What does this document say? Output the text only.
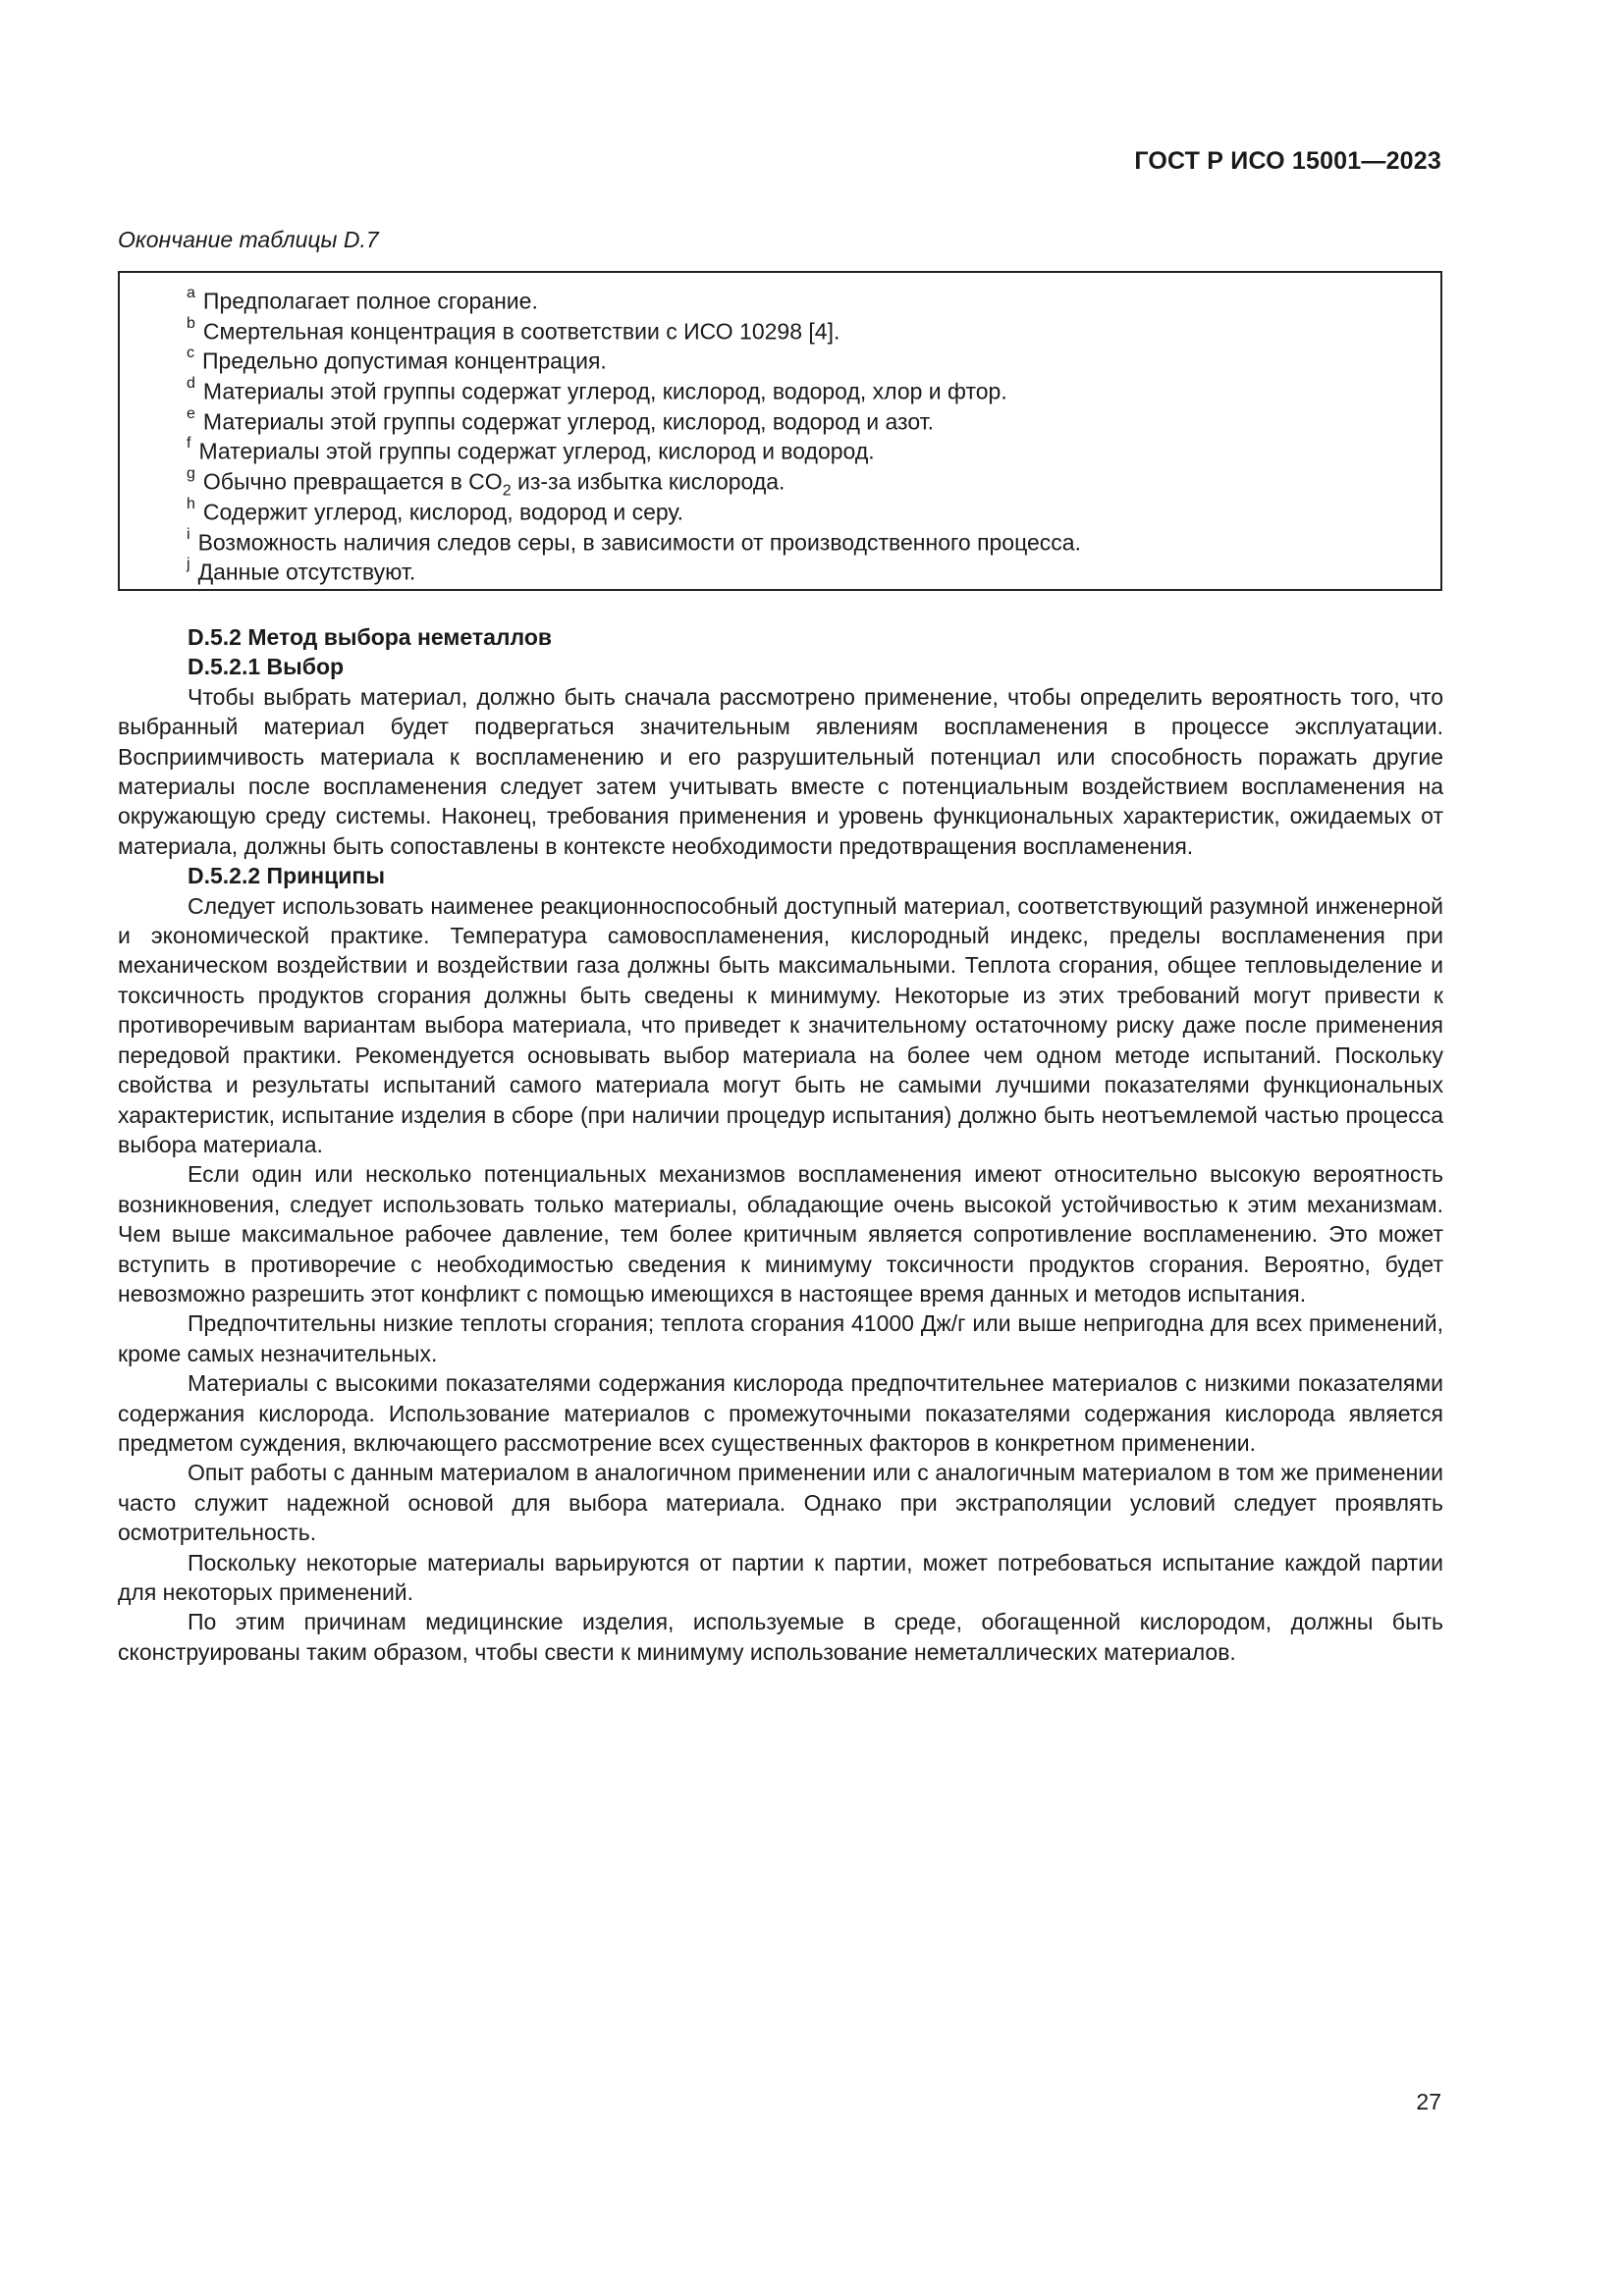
ГОСТ Р ИСО 15001—2023
Окончание таблицы D.7
$^a$ Предполагает полное сгорание.
$^b$ Смертельная концентрация в соответствии с ИСО 10298 [4].
$^c$ Предельно допустимая концентрация.
$^d$ Материалы этой группы содержат углерод, кислород, водород, хлор и фтор.
$^e$ Материалы этой группы содержат углерод, кислород, водород и азот.
$^f$ Материалы этой группы содержат углерод, кислород и водород.
$^g$ Обычно превращается в $CO_2$ из-за избытка кислорода.
$^h$ Содержит углерод, кислород, водород и серу.
$^i$ Возможность наличия следов серы, в зависимости от производственного процесса.
$^j$ Данные отсутствуют.

D.5.2 Метод выбора неметаллов

D.5.2.1 Выбор

Чтобы выбрать материал, должно быть сначала рассмотрено применение, чтобы определить вероятность того, что выбранный материал будет подвергаться значительным явлениям воспламенения в процессе эксплуатации. Восприимчивость материала к воспламенению и его разрушительный потенциал или способность поражать другие материалы после воспламенения следует затем учитывать вместе с потенциальным воздействием воспламенения на окружающую среду системы. Наконец, требования применения и уровень функциональных характеристик, ожидаемых от материала, должны быть сопоставлены в контексте необходимости предотвращения воспламенения.

D.5.2.2 Принципы

Следует использовать наименее реакционноспособный доступный материал, соответствующий разумной инженерной и экономической практике. Температура самовоспламенения, кислородный индекс, пределы воспламенения при механическом воздействии и воздействии газа должны быть максимальными. Теплота сгорания, общее тепловыделение и токсичность продуктов сгорания должны быть сведены к минимуму. Некоторые из этих требований могут привести к противоречивым вариантам выбора материала, что приведет к значительному остаточному риску даже после применения передовой практики. Рекомендуется основывать выбор материала на более чем одном методе испытаний. Поскольку свойства и результаты испытаний самого материала могут быть не самыми лучшими показателями функциональных характеристик, испытание изделия в сборе (при наличии процедур испытания) должно быть неотъемлемой частью процесса выбора материала.

Если один или несколько потенциальных механизмов воспламенения имеют относительно высокую вероятность возникновения, следует использовать только материалы, обладающие очень высокой устойчивостью к этим механизмам. Чем выше максимальное рабочее давление, тем более критичным является сопротивление воспламенению. Это может вступить в противоречие с необходимостью сведения к минимуму токсичности продуктов сгорания. Вероятно, будет невозможно разрешить этот конфликт с помощью имеющихся в настоящее время данных и методов испытания.

Предпочтительны низкие теплоты сгорания; теплота сгорания 41000 Дж/г или выше непригодна для всех применений, кроме самых незначительных.

Материалы с высокими показателями содержания кислорода предпочтительнее материалов с низкими показателями содержания кислорода. Использование материалов с промежуточными показателями содержания кислорода является предметом суждения, включающего рассмотрение всех существенных факторов в конкретном применении.

Опыт работы с данным материалом в аналогичном применении или с аналогичным материалом в том же применении часто служит надежной основой для выбора материала. Однако при экстраполяции условий следует проявлять осмотрительность.

Поскольку некоторые материалы варьируются от партии к партии, может потребоваться испытание каждой партии для некоторых применений.

По этим причинам медицинские изделия, используемые в среде, обогащенной кислородом, должны быть сконструированы таким образом, чтобы свести к минимуму использование неметаллических материалов.

27
